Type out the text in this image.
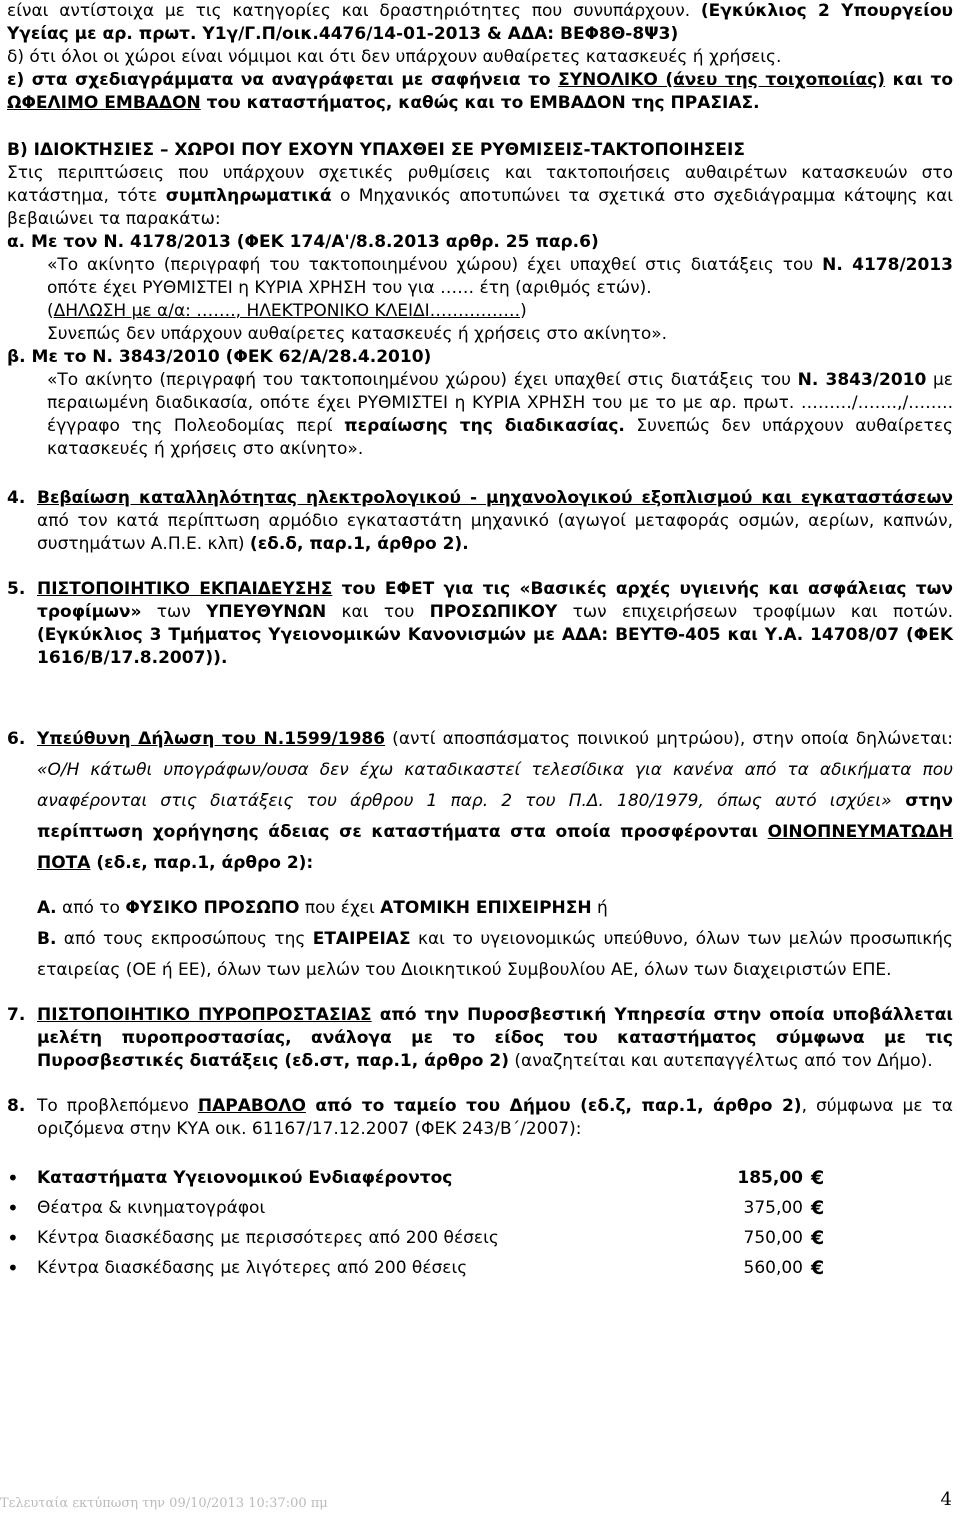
είναι αντίστοιχα με τις κατηγορίες και δραστηριότητες που συνυπάρχουν. (Εγκύκλιος 2 Υπουργείου Υγείας με αρ. πρωτ. Υ1γ/Γ.Π/οικ.4476/14-01-2013 & ΑΔΑ: ΒΕΦ8Θ-8Ψ3)

δ) ότι όλοι οι χώροι είναι νόμιμοι και ότι δεν υπάρχουν αυθαίρετες κατασκευές ή χρήσεις.

ε) στα σχεδιαγράμματα να αναγράφεται με σαφήνεια το ΣΥΝΟΛΙΚΟ (άνευ της τοιχοποιίας) και το ΩΦΕΛΙΜΟ ΕΜΒΑΔΟΝ του καταστήματος, καθώς και το ΕΜΒΑΔΟΝ της ΠΡΑΣΙΑΣ.

Β) ΙΔΙΟΚΤΗΣΙΕΣ – ΧΩΡΟΙ ΠΟΥ ΕΧΟΥΝ ΥΠΑΧΘΕΙ ΣΕ ΡΥΘΜΙΣΕΙΣ-ΤΑΚΤΟΠΟΙΗΣΕΙΣ

Στις περιπτώσεις που υπάρχουν σχετικές ρυθμίσεις και τακτοποιήσεις αυθαιρέτων κατασκευών στο κατάστημα, τότε συμπληρωματικά ο Μηχανικός αποτυπώνει τα σχετικά στο σχεδιάγραμμα κάτοψης και βεβαιώνει τα παρακάτω:

α. Με τον Ν. 4178/2013 (ΦΕΚ 174/Α'/8.8.2013 αρθρ. 25 παρ.6)

«Το ακίνητο (περιγραφή του τακτοποιημένου χώρου) έχει υπαχθεί στις διατάξεις του Ν. 4178/2013 οπότε έχει ΡΥΘΜΙΣΤΕΙ η ΚΥΡΙΑ ΧΡΗΣΗ του για …… έτη (αριθμός ετών).

(ΔΗΛΩΣΗ με α/α: ……., ΗΛΕΚΤΡΟΝΙΚΟ ΚΛΕΙΔΙ…………….)

Συνεπώς δεν υπάρχουν αυθαίρετες κατασκευές ή χρήσεις στο ακίνητο».

β. Με το Ν. 3843/2010 (ΦΕΚ 62/Α/28.4.2010)

«Το ακίνητο (περιγραφή του τακτοποιημένου χώρου) έχει υπαχθεί στις διατάξεις του Ν. 3843/2010 με περαιωμένη διαδικασία, οπότε έχει ΡΥΘΜΙΣΤΕΙ η ΚΥΡΙΑ ΧΡΗΣΗ του με το με αρ. πρωτ. ………/…….,/…….. έγγραφο της Πολεοδομίας περί περαίωσης της διαδικασίας. Συνεπώς δεν υπάρχουν αυθαίρετες κατασκευές ή χρήσεις στο ακίνητο».

4. Βεβαίωση καταλληλότητας ηλεκτρολογικού - μηχανολογικού εξοπλισμού και εγκαταστάσεων από τον κατά περίπτωση αρμόδιο εγκαταστάτη μηχανικό (αγωγοί μεταφοράς οσμών, αερίων, καπνών, συστημάτων Α.Π.Ε. κλπ) (εδ.δ, παρ.1, άρθρο 2).
5. ΠΙΣΤΟΠΟΙΗΤΙΚΟ ΕΚΠΑΙΔΕΥΣΗΣ του ΕΦΕΤ για τις «Βασικές αρχές υγιεινής και ασφάλειας των τροφίμων» των ΥΠΕΥΘΥΝΩΝ και του ΠΡΟΣΩΠΙΚΟΥ των επιχειρήσεων τροφίμων και ποτών. (Εγκύκλιος 3 Τμήματος Υγειονομικών Κανονισμών με ΑΔΑ: ΒΕΥΤΘ-405 και Υ.Α. 14708/07 (ΦΕΚ 1616/Β/17.8.2007)).
6. Υπεύθυνη Δήλωση του Ν.1599/1986 (αντί αποσπάσματος ποινικού μητρώου), στην οποία δηλώνεται: «Ο/Η κάτωθι υπογράφων/ουσα δεν έχω καταδικαστεί τελεσίδικα για κανένα από τα αδικήματα που αναφέρονται στις διατάξεις του άρθρου 1 παρ. 2 του Π.Δ. 180/1979, όπως αυτό ισχύει» στην περίπτωση χορήγησης άδειας σε καταστήματα στα οποία προσφέρονται ΟΙΝΟΠΝΕΥΜΑΤΩΔΗ ΠΟΤΑ (εδ.ε, παρ.1, άρθρο 2):
Α. από το ΦΥΣΙΚΟ ΠΡΟΣΩΠΟ που έχει ΑΤΟΜΙΚΗ ΕΠΙΧΕΙΡΗΣΗ ή
Β. από τους εκπροσώπους της ΕΤΑΙΡΕΙΑΣ και το υγειονομικώς υπεύθυνο, όλων των μελών προσωπικής εταιρείας (ΟΕ ή ΕΕ), όλων των μελών του Διοικητικού Συμβουλίου ΑΕ, όλων των διαχειριστών ΕΠΕ.
7. ΠΙΣΤΟΠΟΙΗΤΙΚΟ ΠΥΡΟΠΡΟΣΤΑΣΙΑΣ από την Πυροσβεστική Υπηρεσία στην οποία υποβάλλεται μελέτη πυροπροστασίας, ανάλογα με το είδος του καταστήματος σύμφωνα με τις Πυροσβεστικές διατάξεις (εδ.στ, παρ.1, άρθρο 2) (αναζητείται και αυτεπαγγέλτως από τον Δήμο).
8. Το προβλεπόμενο ΠΑΡΑΒΟΛΟ από το ταμείο του Δήμου (εδ.ζ, παρ.1, άρθρο 2), σύμφωνα με τα οριζόμενα στην ΚΥΑ οικ. 61167/17.12.2007 (ΦΕΚ 243/Β΄/2007):
•	Καταστήματα Υγειονομικού Ενδιαφέροντος	185,00 €
•	Θέατρα & κινηματογράφοι	375,00 €
•	Κέντρα διασκέδασης με περισσότερες από 200 θέσεις	750,00 €
•	Κέντρα διασκέδασης με λιγότερες από 200 θέσεις	560,00 €
Τελευταία εκτύπωση την 09/10/2013 10:37:00 πμ	4
